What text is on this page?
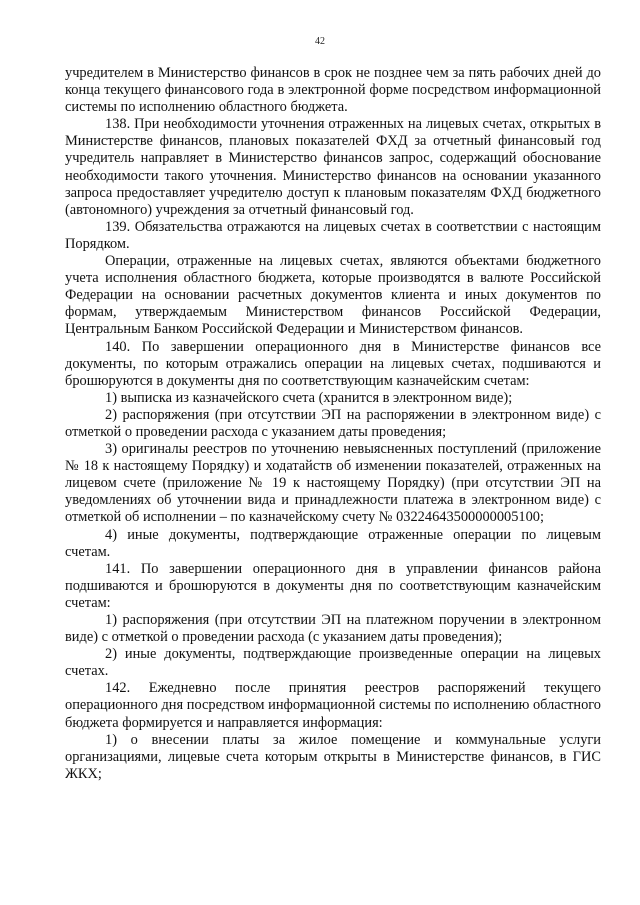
42

учредителем в Министерство финансов в срок не позднее чем за пять рабочих дней до конца текущего финансового года в электронной форме посредством информационной системы по исполнению областного бюджета.

138. При необходимости уточнения отраженных на лицевых счетах, открытых в Министерстве финансов, плановых показателей ФХД за отчетный финансовый год учредитель направляет в Министерство финансов запрос, содержащий обоснование необходимости такого уточнения. Министерство финансов на основании указанного запроса предоставляет учредителю доступ к плановым показателям ФХД бюджетного (автономного) учреждения за отчетный финансовый год.

139. Обязательства отражаются на лицевых счетах в соответствии с настоящим Порядком.

Операции, отраженные на лицевых счетах, являются объектами бюджетного учета исполнения областного бюджета, которые производятся в валюте Российской Федерации на основании расчетных документов клиента и иных документов по формам, утверждаемым Министерством финансов Российской Федерации, Центральным Банком Российской Федерации и Министерством финансов.

140. По завершении операционного дня в Министерстве финансов все документы, по которым отражались операции на лицевых счетах, подшиваются и брошюруются в документы дня по соответствующим казначейским счетам:

1) выписка из казначейского счета (хранится в электронном виде);

2) распоряжения (при отсутствии ЭП на распоряжении в электронном виде) с отметкой о проведении расхода с указанием даты проведения;

3) оригиналы реестров по уточнению невыясненных поступлений (приложение № 18 к настоящему Порядку) и ходатайств об изменении показателей, отраженных на лицевом счете (приложение № 19 к настоящему Порядку) (при отсутствии ЭП на уведомлениях об уточнении вида и принадлежности платежа в электронном виде) с отметкой об исполнении – по казначейскому счету № 03224643500000005100;

4) иные документы, подтверждающие отраженные операции по лицевым счетам.

141. По завершении операционного дня в управлении финансов района подшиваются и брошюруются в документы дня по соответствующим казначейским счетам:

1) распоряжения (при отсутствии ЭП на платежном поручении в электронном виде) с отметкой о проведении расхода (с указанием даты проведения);

2) иные документы, подтверждающие произведенные операции на лицевых счетах.

142. Ежедневно после принятия реестров распоряжений текущего операционного дня посредством информационной системы по исполнению областного бюджета формируется и направляется информация:

1) о внесении платы за жилое помещение и коммунальные услуги организациями, лицевые счета которым открыты в Министерстве финансов, в ГИС ЖКХ;
